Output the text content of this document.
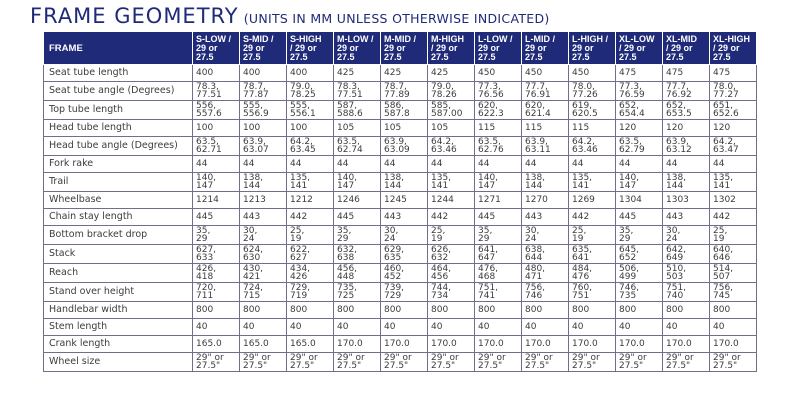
FRAME GEOMETRY (UNITS IN MM UNLESS OTHERWISE INDICATED)
FRAME	S-LOW /
29 or
27.5	S-MID /
29 or
27.5	S-HIGH
/ 29 or
27.5	M-LOW /
29 or
27.5	M-MID /
29 or
27.5	M-HIGH
/ 29 or
27.5	L-LOW /
29 or
27.5	L-MID /
29 or
27.5	L-HIGH /
29 or
27.5	XL-LOW
/ 29 or
27.5	XL-MID
/ 29 or
27.5	XL-HIGH
/ 29 or
27.5

Seat tube length	400	400	400	425	425	425	450	450	450	475	475	475

Seat tube angle (Degrees)	78.3,
77.51	78.7,
77.87	79.0,
78.25	78.3,
77.51	78.7,
77.89	79.0,
78.26	77.3,
76.56	77.7,
76.91	78.0,
77.26	77.3,
76.59	77.7,
76.92	78.0,
77.27

Top tube length	556,
557.6	555,
556.9	555,
556.1	587,
588.6	586,
587.8	585,
587.00	620,
622.3	620,
621.4	619,
620.5	652,
654.4	652,
653.5	651,
652.6

Head tube length	100	100	100	105	105	105	115	115	115	120	120	120

Head tube angle (Degrees)	63.5,
62.71	63.9,
63.07	64.2,
63.45	63.5,
62.74	63.9,
63.09	64.2,
63.46	63.5,
62.76	63.9,
63.11	64.2,
63.46	63.5,
62.79	63.9,
63.12	64.2,
63.47

Fork rake	44	44	44	44	44	44	44	44	44	44	44	44

Trail	140,
147	138,
144	135,
141	140,
147	138,
144	135,
141	140,
147	138,
144	135,
141	140,
147	138,
144	135,
141

Wheelbase	1214	1213	1212	1246	1245	1244	1271	1270	1269	1304	1303	1302

Chain stay length	445	443	442	445	443	442	445	443	442	445	443	442

Bottom bracket drop	35,
29	30,
24	25,
19	35,
29	30,
24	25,
19	35,
29	30,
24	25,
19	35,
29	30,
24	25,
19

Stack	627,
633	624,
630	622,
627	632,
638	629,
635	626,
632	641,
647	638,
644	635,
641	645,
652	642,
649	640,
646

Reach	426,
418	430,
421	434,
426	456,
448	460,
452	464,
456	476,
468	480,
471	484,
476	506,
499	510,
503	514,
507

Stand over height	720,
711	724,
715	729,
719	735,
725	739,
729	744,
734	751,
741	756,
746	760,
751	746,
735	751,
740	756,
745

Handlebar width	800	800	800	800	800	800	800	800	800	800	800	800

Stem length	40	40	40	40	40	40	40	40	40	40	40	40

Crank length	165.0	165.0	165.0	170.0	170.0	170.0	170.0	170.0	170.0	170.0	170.0	170.0

Wheel size	29" or
27.5"	29" or
27.5"	29" or
27.5"	29" or
27.5"	29" or
27.5"	29" or
27.5"	29" or
27.5"	29" or
27.5"	29" or
27.5"	29" or
27.5"	29" or
27.5"	29" or
27.5"
